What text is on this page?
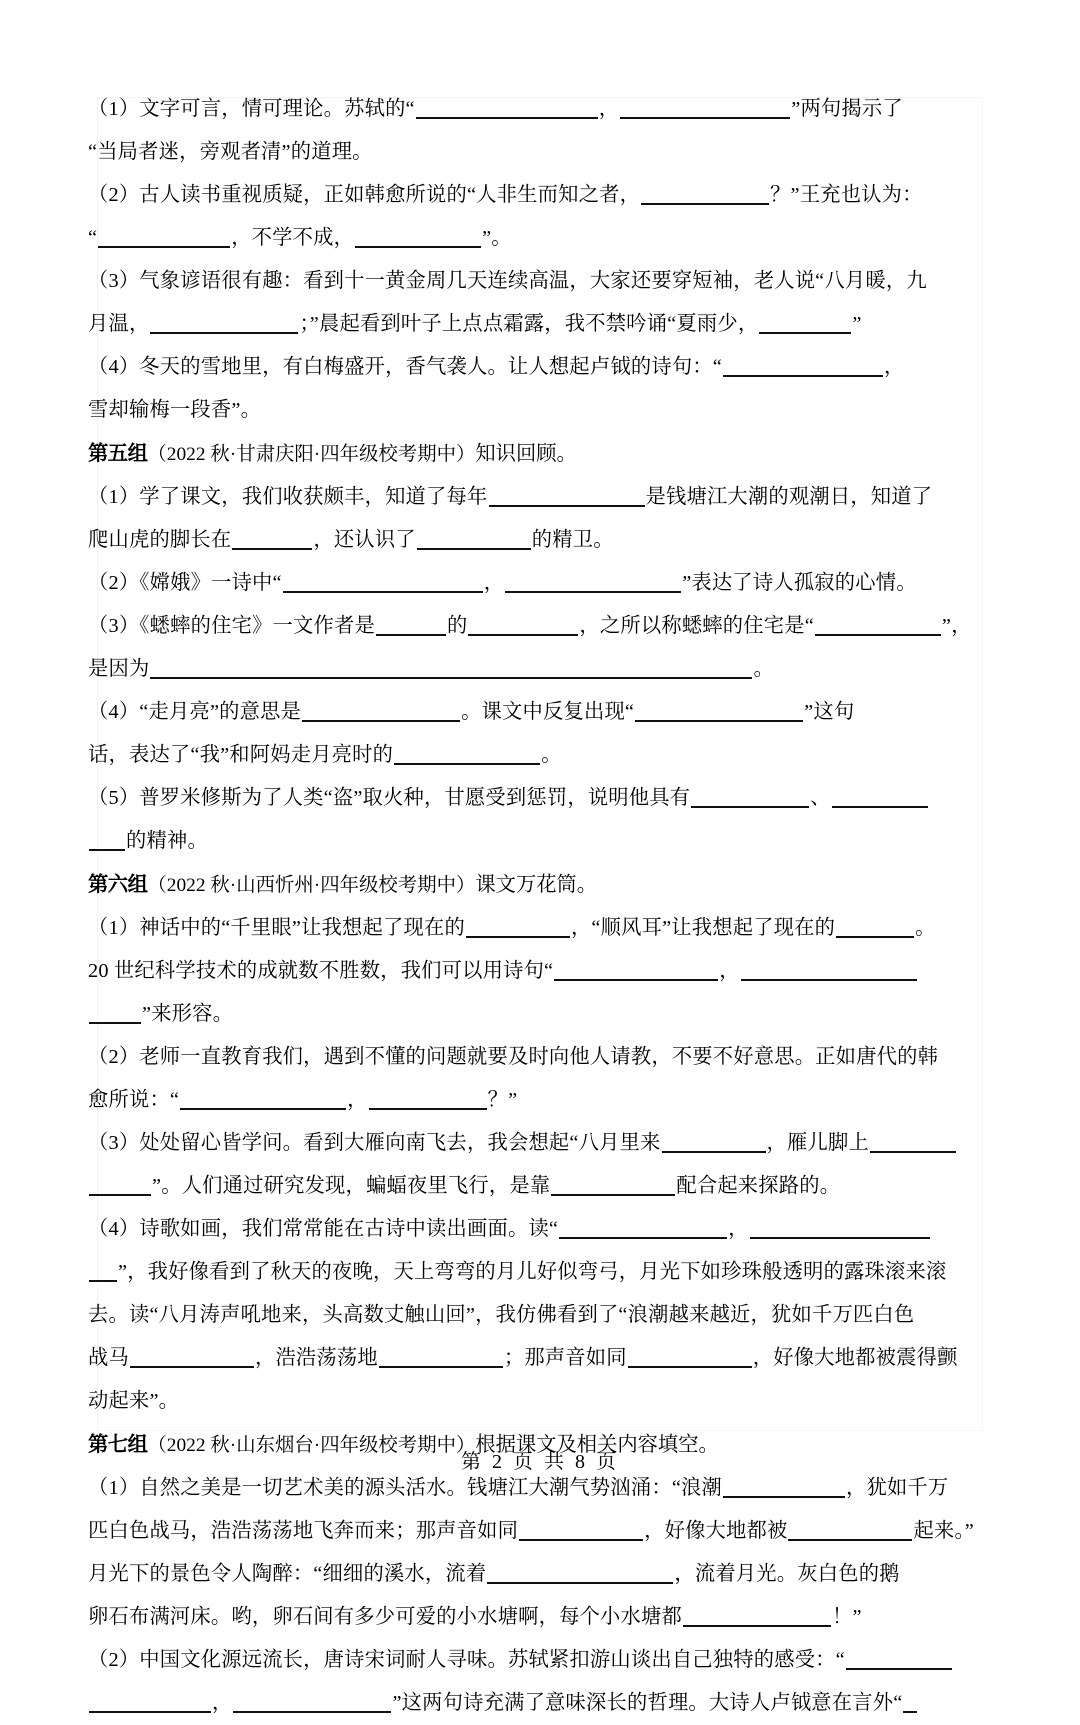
（1）文字可言，情可理论。苏轼的“	，	”两句揭示了
“当局者迷，旁观者清”的道理。
（2）古人读书重视质疑，正如韩愈所说的“人非生而知之者，	？”王充也认为：
“	，不学不成，	”。
（3）气象谚语很有趣：看到十一黄金周几天连续高温，大家还要穿短袖，老人说“八月暖，九
月温，	；”晨起看到叶子上点点霜露，我不禁吟诵“夏雨少，	”
（4）冬天的雪地里，有白梅盛开，香气袭人。让人想起卢钺的诗句：“	，
雪却输梅一段香”。
第五组（2022 秋·甘肃庆阳·四年级校考期中）知识回顾。
（1）学了课文，我们收获颇丰，知道了每年	是钱塘江大潮的观潮日，知道了
爬山虎的脚长在	，还认识了	的精卫。
（2）《嫦娥》一诗中“	，	”表达了诗人孤寂的心情。
（3）《蟋蟀的住宅》一文作者是	的	，之所以称蟋蟀的住宅是“	”，
是因为	。
（4）“走月亮”的意思是	。课文中反复出现“	”这句
话，表达了“我”和阿妈走月亮时的	。
（5）普罗米修斯为了人类“盗”取火种，甘愿受到惩罚，说明他具有	、
的精神。
第六组（2022 秋·山西忻州·四年级校考期中）课文万花筒。
（1）神话中的“千里眼”让我想起了现在的	，“顺风耳”让我想起了现在的	。
20 世纪科学技术的成就数不胜数，我们可以用诗句“	，
”来形容。
（2）老师一直教育我们，遇到不懂的问题就要及时向他人请教，不要不好意思。正如唐代的韩
愈所说：“	，	？”
（3）处处留心皆学问。看到大雁向南飞去，我会想起“八月里来	，雁儿脚上
”。人们通过研究发现，蝙蝠夜里飞行，是靠	配合起来探路的。
（4）诗歌如画，我们常常能在古诗中读出画面。读“	，
”，我好像看到了秋天的夜晚，天上弯弯的月儿好似弯弓，月光下如珍珠般透明的露珠滚来滚
去。读“八月涛声吼地来，头高数丈触山回”，我仿佛看到了“浪潮越来越近，犹如千万匹白色
战马	，浩浩荡荡地	；那声音如同	，好像大地都被震得颤
动起来”。
第七组（2022 秋·山东烟台·四年级校考期中）根据课文及相关内容填空。
（1）自然之美是一切艺术美的源头活水。钱塘江大潮气势汹涌：“浪潮	，犹如千万
匹白色战马，浩浩荡荡地飞奔而来；那声音如同	，好像大地都被	起来。”
月光下的景色令人陶醉：“细细的溪水，流着	，流着月光。灰白色的鹅
卵石布满河床。哟，卵石间有多少可爱的小水塘啊，每个小水塘都	！”
（2）中国文化源远流长，唐诗宋词耐人寻味。苏轼紧扣游山谈出自己独特的感受：“
，	”这两句诗充满了意味深长的哲理。大诗人卢钺意在言外“
第 2 页 共 8 页
